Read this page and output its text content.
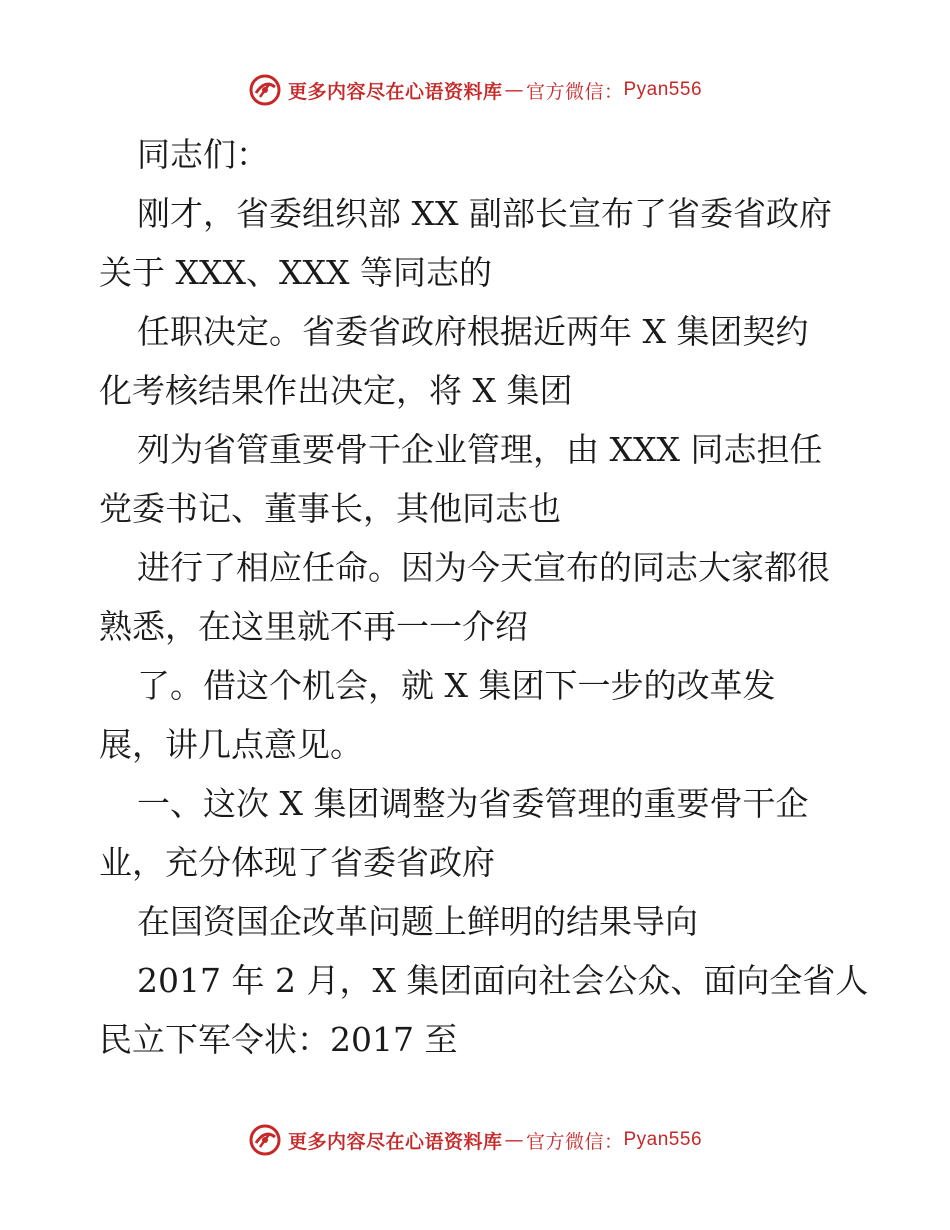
更多内容尽在心语资料库 — 官方微信： Pyan556
同志们：
刚才，省委组织部 XX 副部长宣布了省委省政府
关于 XXX、XXX 等同志的
任职决定。省委省政府根据近两年 X 集团契约
化考核结果作出决定，将 X 集团
列为省管重要骨干企业管理，由 XXX 同志担任
党委书记、董事长，其他同志也
进行了相应任命。因为今天宣布的同志大家都很
熟悉，在这里就不再一一介绍
了。借这个机会，就 X 集团下一步的改革发
展，讲几点意见。
一、这次 X 集团调整为省委管理的重要骨干企
业，充分体现了省委省政府
在国资国企改革问题上鲜明的结果导向
2017 年 2 月，X 集团面向社会公众、面向全省人
民立下军令状：2017 至
更多内容尽在心语资料库 — 官方微信： Pyan556
